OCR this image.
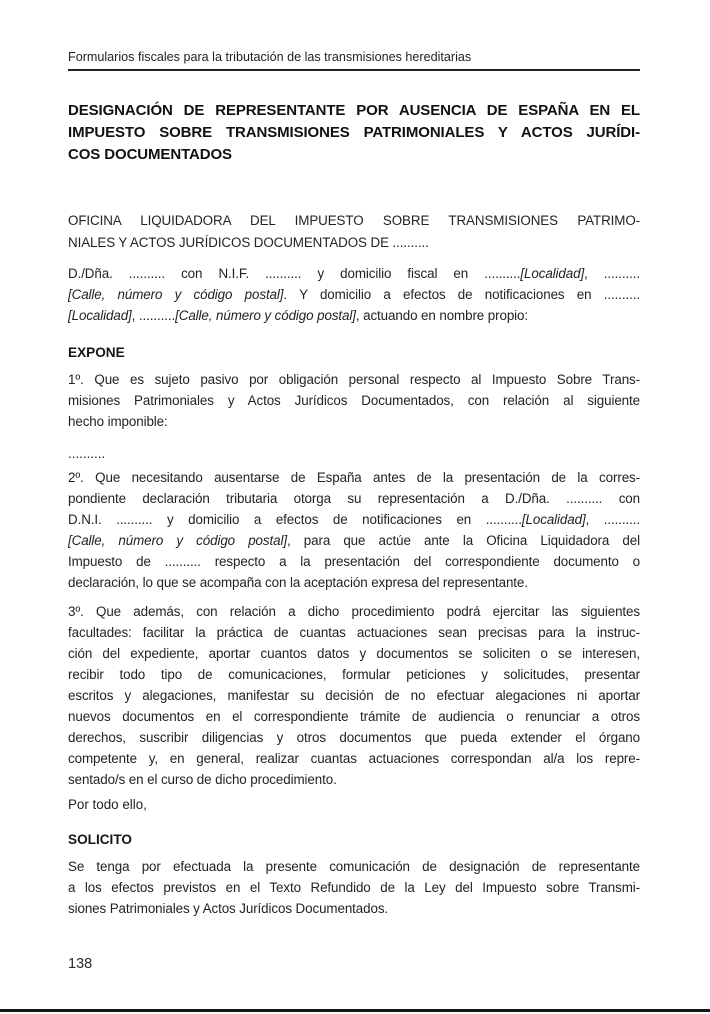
Formularios fiscales para la tributación de las transmisiones hereditarias
DESIGNACIÓN DE REPRESENTANTE POR AUSENCIA DE ESPAÑA EN EL
IMPUESTO SOBRE TRANSMISIONES PATRIMONIALES Y ACTOS JURÍDI-
COS DOCUMENTADOS
OFICINA LIQUIDADORA DEL IMPUESTO SOBRE TRANSMISIONES PATRIMO-
NIALES Y ACTOS JURÍDICOS DOCUMENTADOS DE ..........
D./Dña. .......... con N.I.F. .......... y domicilio fiscal en ..........[Localidad], ..........
[Calle, número y código postal]. Y domicilio a efectos de notificaciones en ..........
[Localidad], ..........[Calle, número y código postal], actuando en nombre propio:
EXPONE
1º. Que es sujeto pasivo por obligación personal respecto al Impuesto Sobre Trans-
misiones Patrimoniales y Actos Jurídicos Documentados, con relación al siguiente
hecho imponible:
..........
2º. Que necesitando ausentarse de España antes de la presentación de la corres-
pondiente declaración tributaria otorga su representación a D./Dña. .......... con
D.N.I. .......... y domicilio a efectos de notificaciones en ..........[Localidad], ..........
[Calle, número y código postal], para que actúe ante la Oficina Liquidadora del
Impuesto de .......... respecto a la presentación del correspondiente documento o
declaración, lo que se acompaña con la aceptación expresa del representante.
3º. Que además, con relación a dicho procedimiento podrá ejercitar las siguientes
facultades: facilitar la práctica de cuantas actuaciones sean precisas para la instruc-
ción del expediente, aportar cuantos datos y documentos se soliciten o se interesen,
recibir todo tipo de comunicaciones, formular peticiones y solicitudes, presentar
escritos y alegaciones, manifestar su decisión de no efectuar alegaciones ni aportar
nuevos documentos en el correspondiente trámite de audiencia o renunciar a otros
derechos, suscribir diligencias y otros documentos que pueda extender el órgano
competente y, en general, realizar cuantas actuaciones correspondan al/a los repre-
sentado/s en el curso de dicho procedimiento.
Por todo ello,
SOLICITO
Se tenga por efectuada la presente comunicación de designación de representante
a los efectos previstos en el Texto Refundido de la Ley del Impuesto sobre Transmi-
siones Patrimoniales y Actos Jurídicos Documentados.
138
